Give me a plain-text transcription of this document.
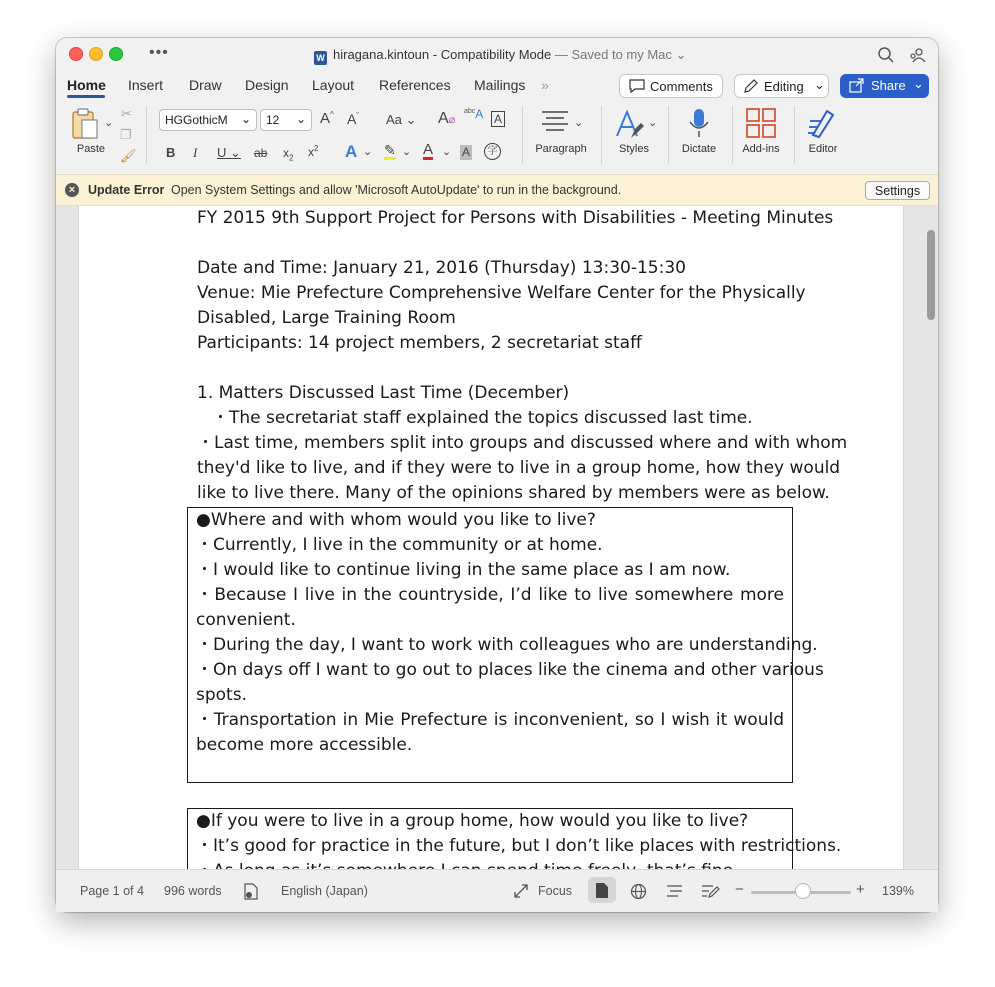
•••	W hiragana.kintoun - Compatibility Mode — Saved to my Mac ⌄
Home Insert Draw Design Layout References Mailings »	Comments	Editing ⌄	Share ⌄
⌄
Paste
✂
❐
🖌
HGGothicM ⌄	12 ⌄ A^ $A^ˇ$ Aa ⌄ A⌀
$^{abc}$A A
B I U ⌄ ab $x_2$ $x^2$ A ⌄ ✎ ⌄ A ⌄ A	字
⌄
Paragraph
⌄
Styles	Dictate	Add-ins	Editor
×	Update Error Open System Settings and allow 'Microsoft AutoUpdate' to run in the background.	Settings
FY 2015 9th Support Project for Persons with Disabilities - Meeting Minutes
Date and Time: January 21, 2016 (Thursday) 13:30-15:30
Venue: Mie Prefecture Comprehensive Welfare Center for the Physically
Disabled, Large Training Room
Participants: 14 project members, 2 secretariat staff
1. Matters Discussed Last Time (December)
・The secretariat staff explained the topics discussed last time.
・Last time, members split into groups and discussed where and with whom
they'd like to live, and if they were to live in a group home, how they would
like to live there. Many of the opinions shared by members were as below.
●Where and with whom would you like to live?
・Currently, I live in the community or at home.
・I would like to continue living in the same place as I am now.
・Because I live in the countryside, I’d like to live somewhere more
convenient.
・During the day, I want to work with colleagues who are understanding.
・On days off I want to go out to places like the cinema and other various
spots.
・Transportation in Mie Prefecture is inconvenient, so I wish it would
become more accessible.
●If you were to live in a group home, how would you like to live?
・It’s good for practice in the future, but I don’t like places with restrictions.
Page 1 of 4 996 words	English (Japan)	Focus	−	+ 139%
